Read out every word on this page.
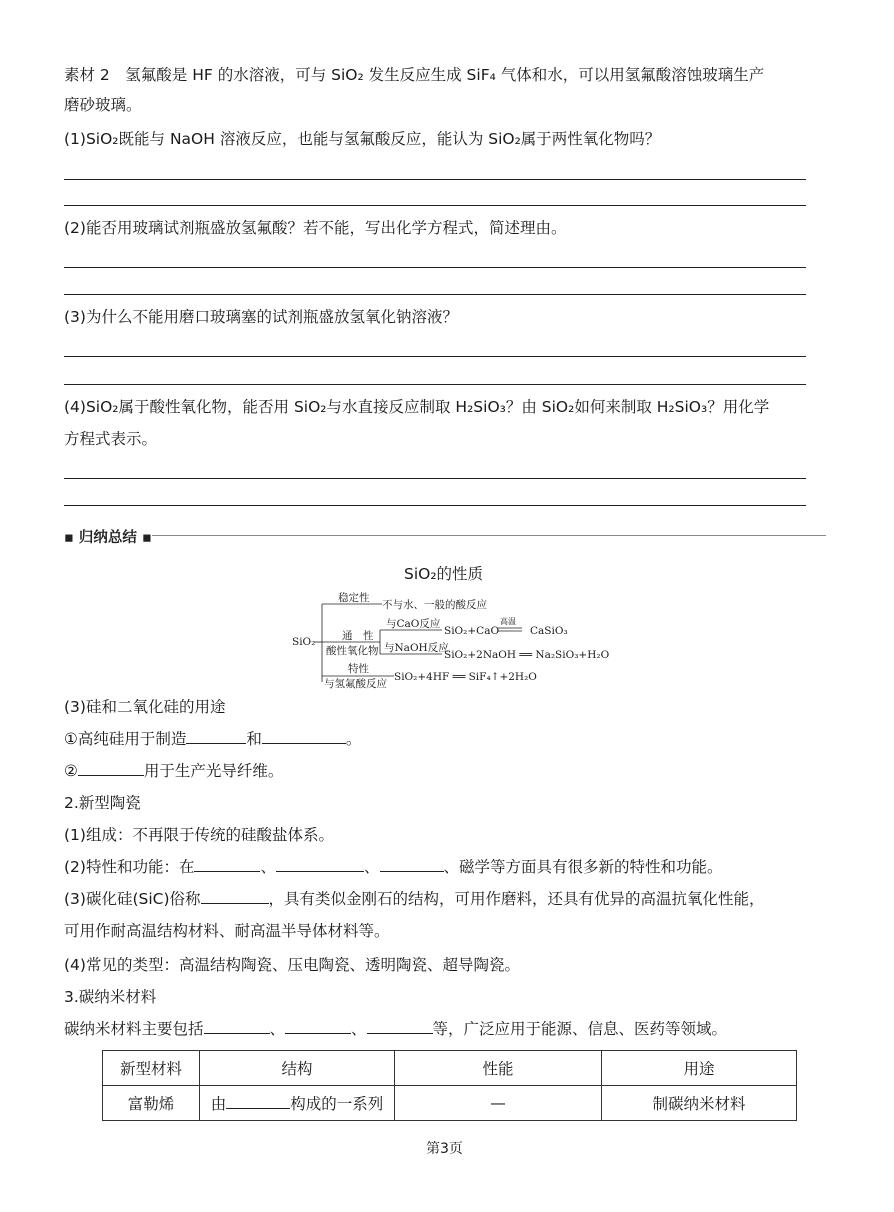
素材 2　氢氟酸是 HF 的水溶液，可与 SiO₂ 发生反应生成 SiF₄ 气体和水，可以用氢氟酸溶蚀玻璃生产
磨砂玻璃。
(1)SiO₂既能与 NaOH 溶液反应，也能与氢氟酸反应，能认为 SiO₂属于两性氧化物吗？
(2)能否用玻璃试剂瓶盛放氢氟酸？若不能，写出化学方程式，简述理由。
(3)为什么不能用磨口玻璃塞的试剂瓶盛放氢氧化钠溶液？
(4)SiO₂属于酸性氧化物，能否用 SiO₂与水直接反应制取 H₂SiO₃？由 SiO₂如何来制取 H₂SiO₃？用化学
方程式表示。
▪ 归纳总结 ▪
SiO₂的性质
SiO₂
稳定性
不与水、一般的酸反应
通　性
酸性氧化物
与CaO反应
与NaOH反应
SiO₂+CaO
高温
CaSiO₃
SiO₂+2NaOH ══ Na₂SiO₃+H₂O
特性
与氢氟酸反应
SiO₂+4HF ══ SiF₄↑+2H₂O
(3)硅和二氧化硅的用途
①高纯硅用于制造	和	。
②	用于生产光导纤维。
2.新型陶瓷
(1)组成：不再限于传统的硅酸盐体系。
(2)特性和功能：在	、	、	、磁学等方面具有很多新的特性和功能。
(3)碳化硅(SiC)俗称	，具有类似金刚石的结构，可用作磨料，还具有优异的高温抗氧化性能，
可用作耐高温结构材料、耐高温半导体材料等。
(4)常见的类型：高温结构陶瓷、压电陶瓷、透明陶瓷、超导陶瓷。
3.碳纳米材料
碳纳米材料主要包括	、	、	等，广泛应用于能源、信息、医药等领域。
新型材料	结构	性能	用途
富勒烯	由 构成的一系列	—	制碳纳米材料
第3页
